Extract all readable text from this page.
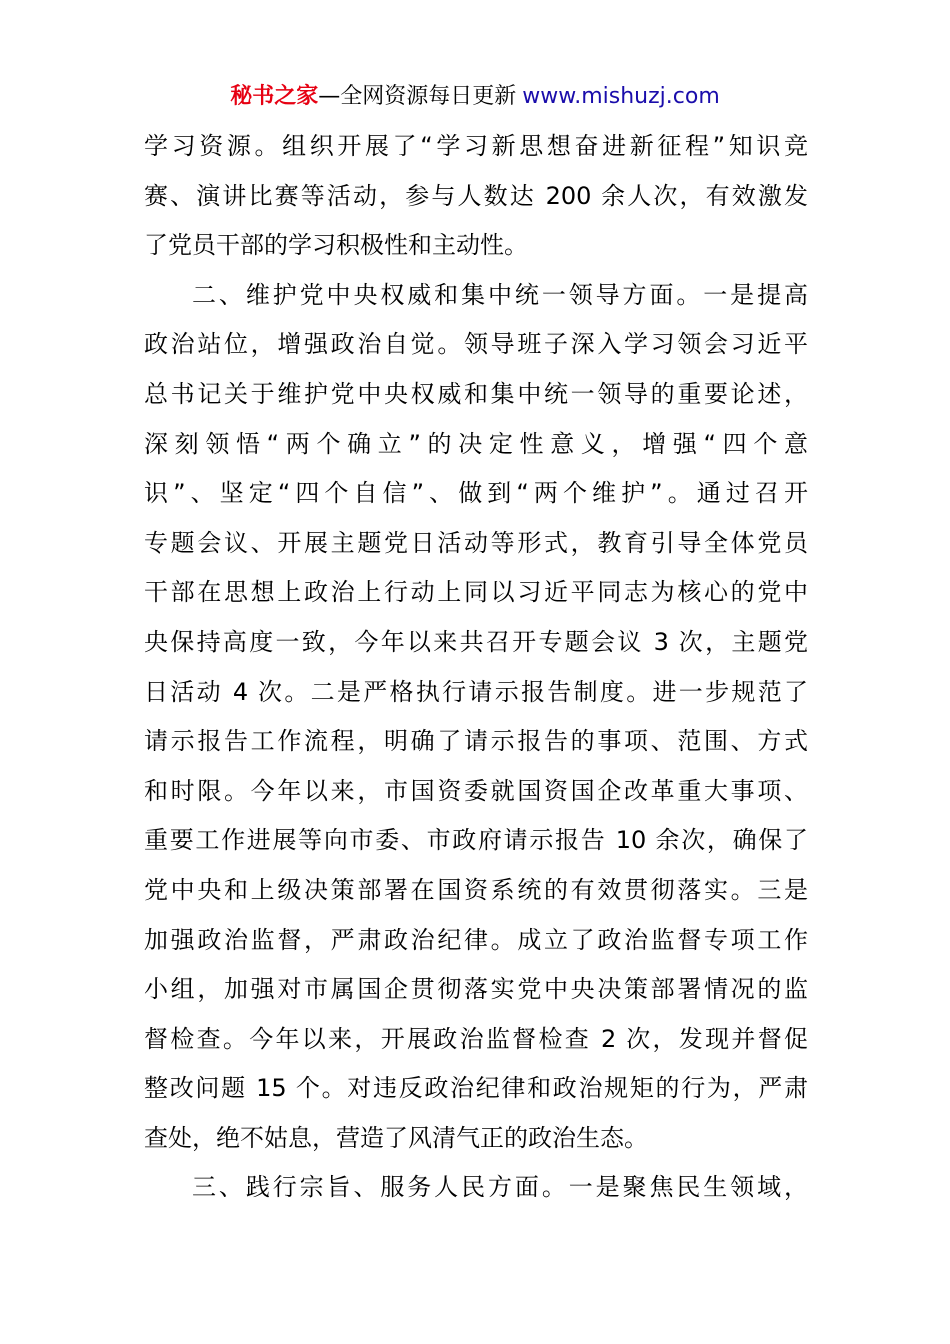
秘书之家—全网资源每日更新 www.mishuzj.com
学习资源。组织开展了“学习新思想奋进新征程”知识竞
赛、演讲比赛等活动，参与人数达 200 余人次，有效激发
了党员干部的学习积极性和主动性。
二、维护党中央权威和集中统一领导方面。一是提高
政治站位，增强政治自觉。领导班子深入学习领会习近平
总书记关于维护党中央权威和集中统一领导的重要论述，
深刻领悟“两个确立”的决定性意义，增强“四个意
识”、坚定“四个自信”、做到“两个维护”。通过召开
专题会议、开展主题党日活动等形式，教育引导全体党员
干部在思想上政治上行动上同以习近平同志为核心的党中
央保持高度一致，今年以来共召开专题会议 3 次，主题党
日活动 4 次。二是严格执行请示报告制度。进一步规范了
请示报告工作流程，明确了请示报告的事项、范围、方式
和时限。今年以来，市国资委就国资国企改革重大事项、
重要工作进展等向市委、市政府请示报告 10 余次，确保了
党中央和上级决策部署在国资系统的有效贯彻落实。三是
加强政治监督，严肃政治纪律。成立了政治监督专项工作
小组，加强对市属国企贯彻落实党中央决策部署情况的监
督检查。今年以来，开展政治监督检查 2 次，发现并督促
整改问题 15 个。对违反政治纪律和政治规矩的行为，严肃
查处，绝不姑息，营造了风清气正的政治生态。
三、践行宗旨、服务人民方面。一是聚焦民生领域，
